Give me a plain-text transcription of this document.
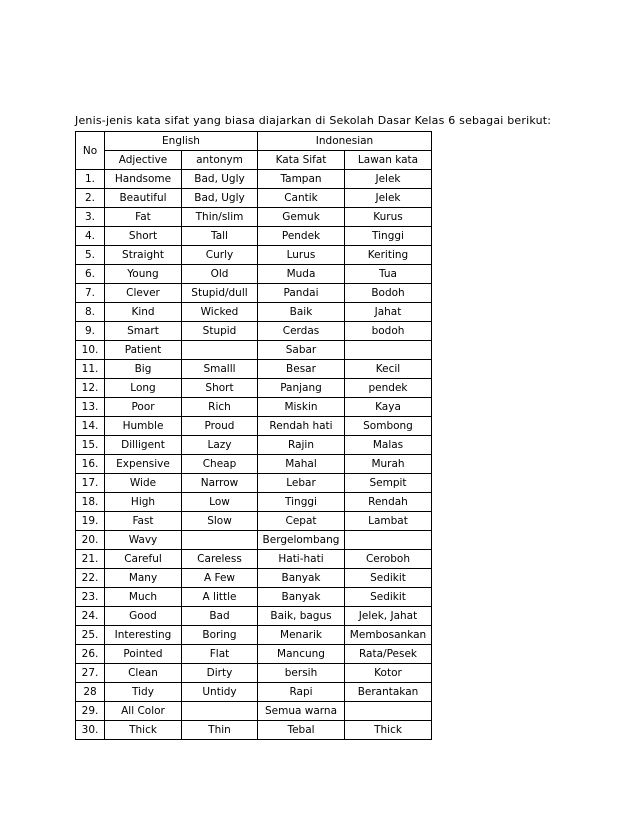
Jenis-jenis kata sifat yang biasa diajarkan di Sekolah Dasar Kelas 6 sebagai berikut:
No	English		Indonesian	
	Adjective	antonym	Kata Sifat	Lawan kata
1.	Handsome	Bad, Ugly	Tampan	Jelek
2.	Beautiful	Bad, Ugly	Cantik	Jelek
3.	Fat	Thin/slim	Gemuk	Kurus
4.	Short	Tall	Pendek	Tinggi
5.	Straight	Curly	Lurus	Keriting
6.	Young	Old	Muda	Tua
7.	Clever	Stupid/dull	Pandai	Bodoh
8.	Kind	Wicked	Baik	Jahat
9.	Smart	Stupid	Cerdas	bodoh
10.	Patient		Sabar	
11.	Big	Smalll	Besar	Kecil
12.	Long	Short	Panjang	pendek
13.	Poor	Rich	Miskin	Kaya
14.	Humble	Proud	Rendah hati	Sombong
15.	Dilligent	Lazy	Rajin	Malas
16.	Expensive	Cheap	Mahal	Murah
17.	Wide	Narrow	Lebar	Sempit
18.	High	Low	Tinggi	Rendah
19.	Fast	Slow	Cepat	Lambat
20.	Wavy		Bergelombang	
21.	Careful	Careless	Hati-hati	Ceroboh
22.	Many	A Few	Banyak	Sedikit
23.	Much	A little	Banyak	Sedikit
24.	Good	Bad	Baik, bagus	Jelek, Jahat
25.	Interesting	Boring	Menarik	Membosankan
26.	Pointed	Flat	Mancung	Rata/Pesek
27.	Clean	Dirty	bersih	Kotor
28	Tidy	Untidy	Rapi	Berantakan
29.	All Color		Semua warna	
30.	Thick	Thin	Tebal	Thick
